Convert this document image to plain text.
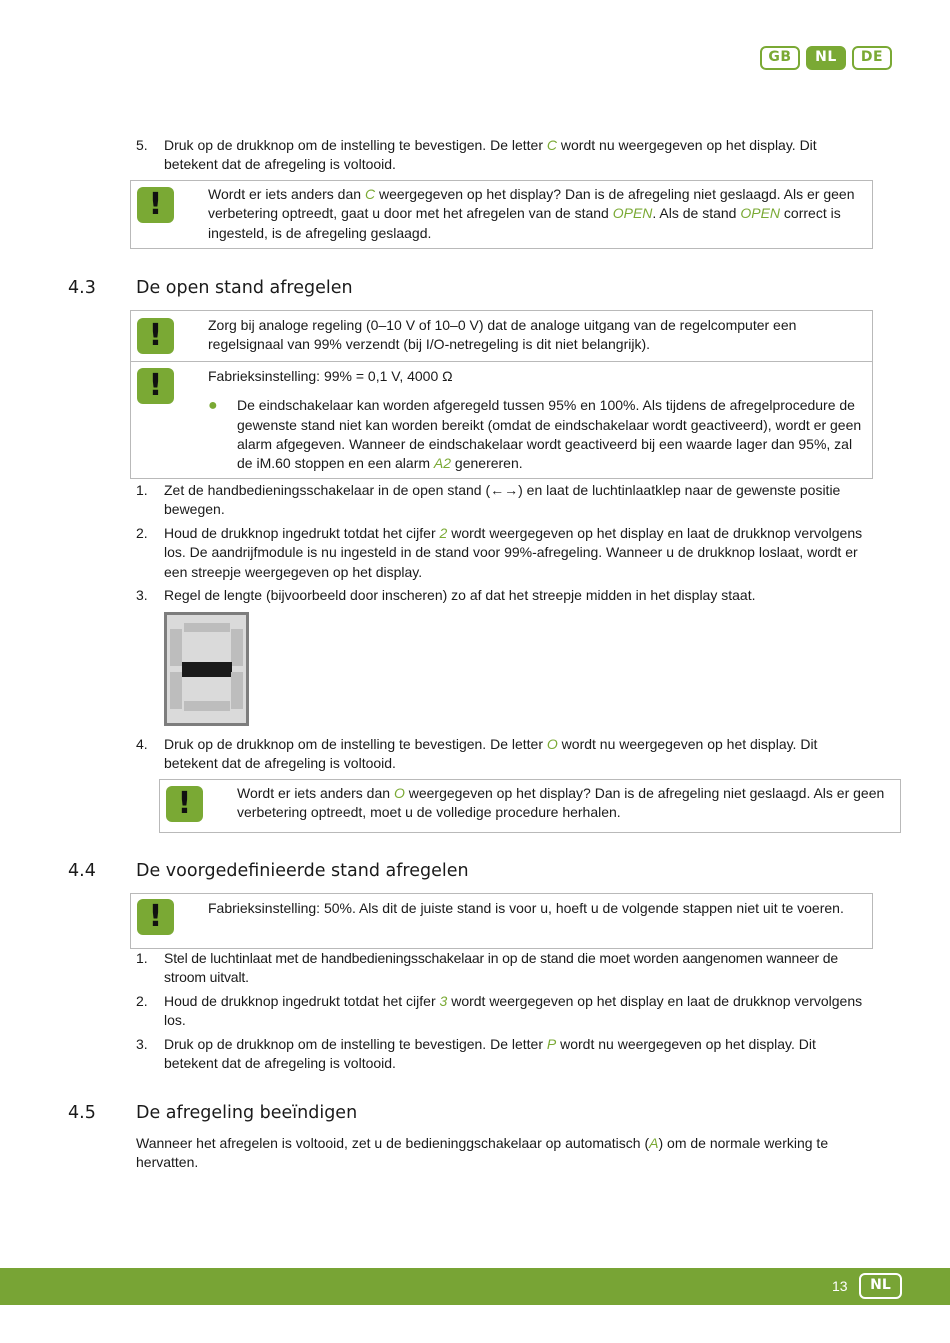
GB	NL	DE
5.	Druk op de drukknop om de instelling te bevestigen. De letter C wordt nu weergegeven op het display. Dit betekent dat de afregeling is voltooid.
!	Wordt er iets anders dan C weergegeven op het display? Dan is de afregeling niet geslaagd. Als er geen verbetering optreedt, gaat u door met het afregelen van de stand OPEN. Als de stand OPEN correct is ingesteld, is de afregeling geslaagd.
4.3	De open stand afregelen
!	Zorg bij analoge regeling (0–10 V of 10–0 V) dat de analoge uitgang van de regelcomputer een regelsignaal van 99% verzendt (bij I/O-netregeling is dit niet belangrijk).
!	Fabrieksinstelling: 99% = 0,1 V, 4000 Ω
●	De eindschakelaar kan worden afgeregeld tussen 95% en 100%. Als tijdens de afregelprocedure de gewenste stand niet kan worden bereikt (omdat de eindschakelaar wordt geactiveerd), wordt er geen alarm afgegeven. Wanneer de eindschakelaar wordt geactiveerd bij een waarde lager dan 95%, zal de iM.60 stoppen en een alarm A2 genereren.
1.	Zet de handbedieningsschakelaar in de open stand (←→) en laat de luchtinlaatklep naar de gewenste positie bewegen.
2.	Houd de drukknop ingedrukt totdat het cijfer 2 wordt weergegeven op het display en laat de drukknop vervolgens los. De aandrijfmodule is nu ingesteld in de stand voor 99%-afregeling. Wanneer u de drukknop loslaat, wordt er een streepje weergegeven op het display.
3.	Regel de lengte (bijvoorbeeld door inscheren) zo af dat het streepje midden in het display staat.
4.	Druk op de drukknop om de instelling te bevestigen. De letter O wordt nu weergegeven op het display. Dit betekent dat de afregeling is voltooid.
!	Wordt er iets anders dan O weergegeven op het display? Dan is de afregeling niet geslaagd. Als er geen verbetering optreedt, moet u de volledige procedure herhalen.
4.4	De voorgedefinieerde stand afregelen
!	Fabrieksinstelling: 50%. Als dit de juiste stand is voor u, hoeft u de volgende stappen niet uit te voeren.
1.	Stel de luchtinlaat met de handbedieningsschakelaar in op de stand die moet worden aangenomen wanneer de stroom uitvalt.
2.	Houd de drukknop ingedrukt totdat het cijfer 3 wordt weergegeven op het display en laat de drukknop vervolgens los.
3.	Druk op de drukknop om de instelling te bevestigen. De letter P wordt nu weergegeven op het display. Dit betekent dat de afregeling is voltooid.
4.5	De afregeling beeïndigen
Wanneer het afregelen is voltooid, zet u de bedieninggschakelaar op automatisch (A) om de normale werking te hervatten.
13	NL
